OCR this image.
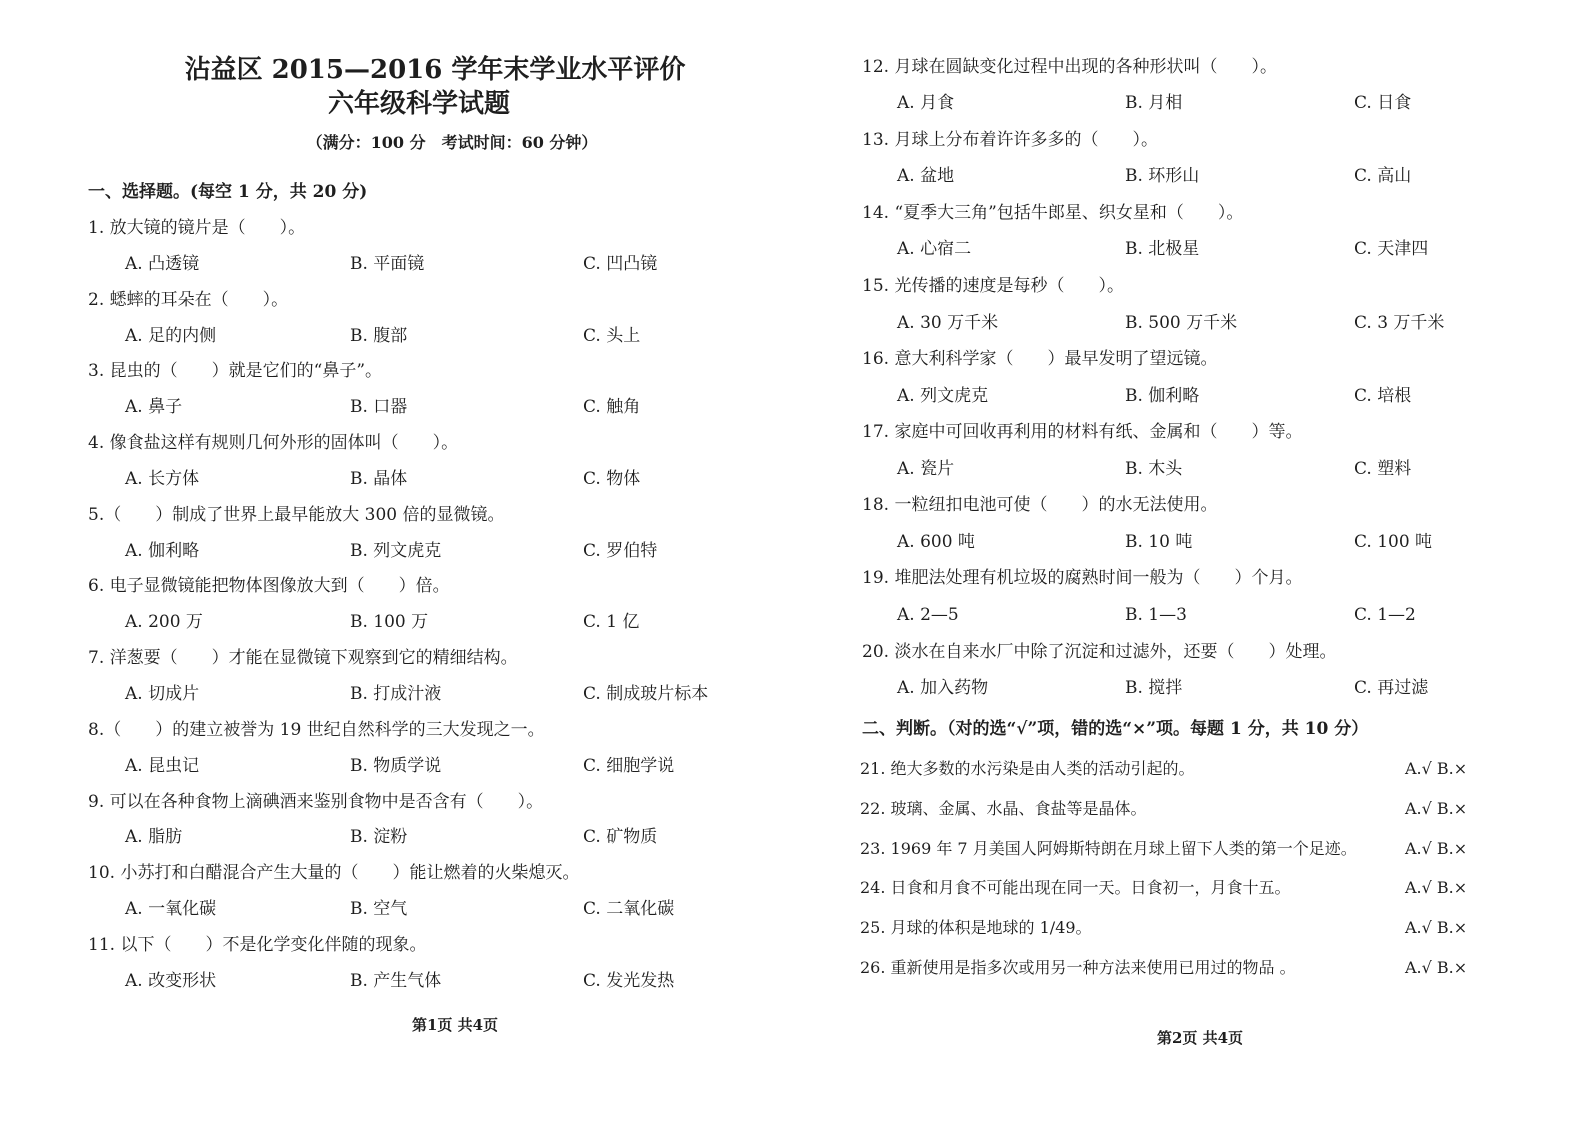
沾益区 2015—2016 学年末学业水平评价
六年级科学试题
（满分：100 分　考试时间：60 分钟）
一、选择题。(每空 1 分，共 20 分)
1. 放大镜的镜片是（　　）。
A. 凸透镜	B. 平面镜	C. 凹凸镜
2. 蟋蟀的耳朵在（　　）。
A. 足的内侧	B. 腹部	C. 头上
3. 昆虫的（　　）就是它们的“鼻子”。
A. 鼻子	B. 口器	C. 触角
4. 像食盐这样有规则几何外形的固体叫（　　）。
A. 长方体	B. 晶体	C. 物体
5.（　　）制成了世界上最早能放大 300 倍的显微镜。
A. 伽利略	B. 列文虎克	C. 罗伯特
6. 电子显微镜能把物体图像放大到（　　）倍。
A. 200 万	B. 100 万	C. 1 亿
7. 洋葱要（　　）才能在显微镜下观察到它的精细结构。
A. 切成片	B. 打成汁液	C. 制成玻片标本
8.（　　）的建立被誉为 19 世纪自然科学的三大发现之一。
A. 昆虫记	B. 物质学说	C. 细胞学说
9. 可以在各种食物上滴碘酒来鉴别食物中是否含有（　　）。
A. 脂肪	B. 淀粉	C. 矿物质
10. 小苏打和白醋混合产生大量的（　　）能让燃着的火柴熄灭。
A. 一氧化碳	B. 空气	C. 二氧化碳
11. 以下（　　）不是化学变化伴随的现象。
A. 改变形状	B. 产生气体	C. 发光发热
第1页 共4页
12. 月球在圆缺变化过程中出现的各种形状叫（　　）。
A. 月食	B. 月相	C. 日食
13. 月球上分布着许许多多的（　　）。
A. 盆地	B. 环形山	C. 高山
14. “夏季大三角”包括牛郎星、织女星和（　　）。
A. 心宿二	B. 北极星	C. 天津四
15. 光传播的速度是每秒（　　）。
A. 30 万千米	B. 500 万千米	C. 3 万千米
16. 意大利科学家（　　）最早发明了望远镜。
A. 列文虎克	B. 伽利略	C. 培根
17. 家庭中可回收再利用的材料有纸、金属和（　　）等。
A. 瓷片	B. 木头	C. 塑料
18. 一粒纽扣电池可使（　　）的水无法使用。
A. 600 吨	B. 10 吨	C. 100 吨
19. 堆肥法处理有机垃圾的腐熟时间一般为（　　）个月。
A. 2—5	B. 1—3	C. 1—2
20. 淡水在自来水厂中除了沉淀和过滤外，还要（　　）处理。
A. 加入药物	B. 搅拌	C. 再过滤
二、判断。（对的选“√”项，错的选“×”项。每题 1 分，共 10 分）
21. 绝大多数的水污染是由人类的活动引起的。	A.√ B.×
22. 玻璃、金属、水晶、食盐等是晶体。	A.√ B.×
23. 1969 年 7 月美国人阿姆斯特朗在月球上留下人类的第一个足迹。	A.√ B.×
24. 日食和月食不可能出现在同一天。日食初一，月食十五。	A.√ B.×
25. 月球的体积是地球的 1/49。	A.√ B.×
26. 重新使用是指多次或用另一种方法来使用已用过的物品 。	A.√ B.×
第2页 共4页
